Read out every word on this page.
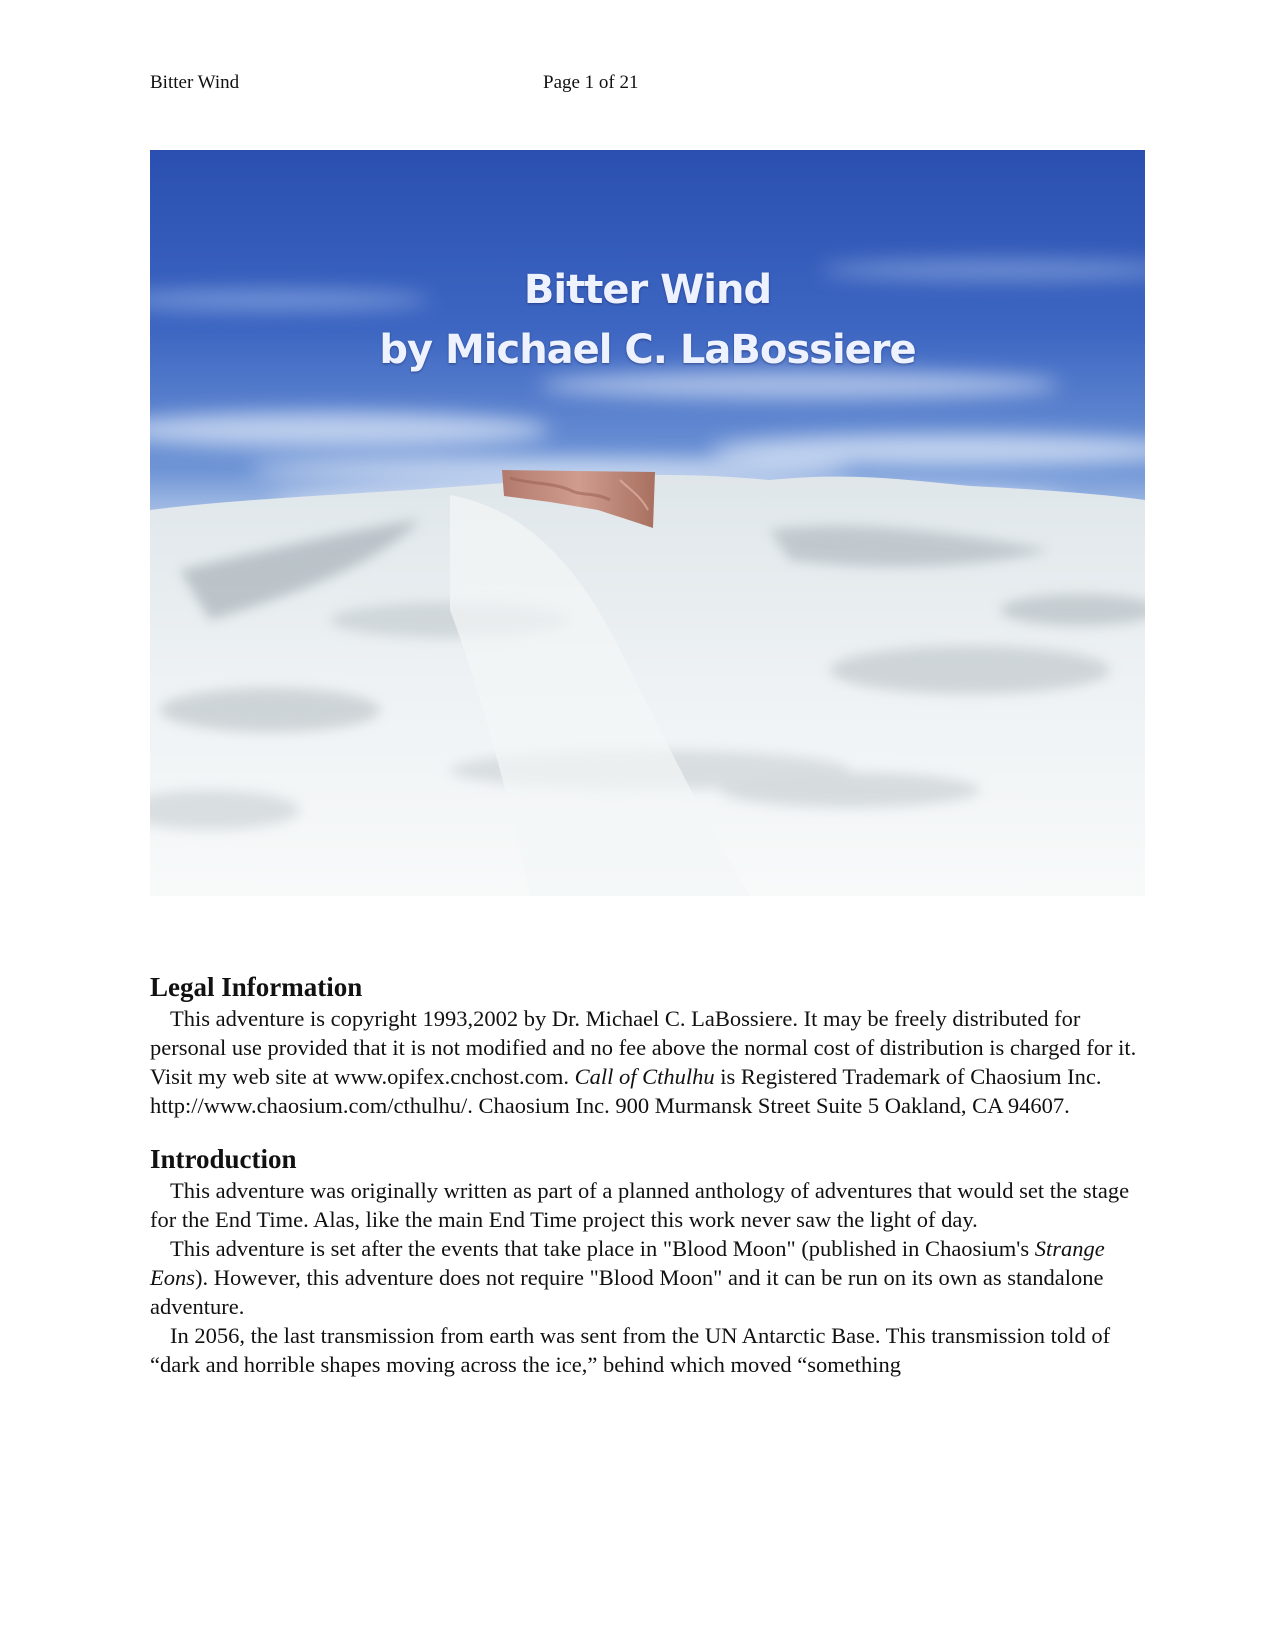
Bitter Wind	Page 1 of 21
Bitter Wind
by Michael C. LaBossiere
Legal Information

This adventure is copyright 1993,2002 by Dr. Michael C. LaBossiere. It may be freely distributed for personal use provided that it is not modified and no fee above the normal cost of distribution is charged for it. Visit my web site at www.opifex.cnchost.com. Call of Cthulhu is Registered Trademark of Chaosium Inc. http://www.chaosium.com/cthulhu/. Chaosium Inc. 900 Murmansk Street Suite 5 Oakland, CA 94607.

Introduction

This adventure was originally written as part of a planned anthology of adventures that would set the stage for the End Time. Alas, like the main End Time project this work never saw the light of day.

This adventure is set after the events that take place in "Blood Moon" (published in Chaosium's Strange Eons). However, this adventure does not require "Blood Moon" and it can be run on its own as standalone adventure.

In 2056, the last transmission from earth was sent from the UN Antarctic Base. This transmission told of “dark and horrible shapes moving across the ice,” behind which moved “something
